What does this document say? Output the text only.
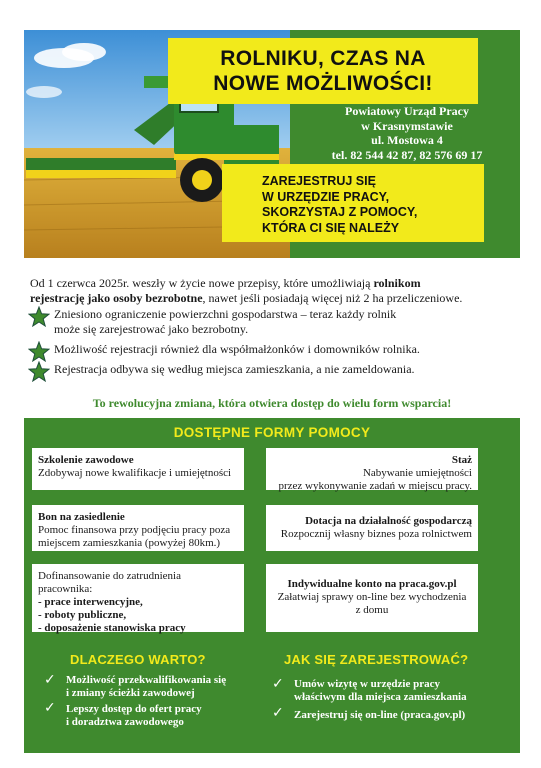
ROLNIKU, CZAS NA
NOWE MOŻLIWOŚCI!
Powiatowy Urząd Pracy
w Krasnymstawie
ul. Mostowa 4
tel. 82 544 42 87, 82 576 69 17
ZAREJESTRUJ SIĘ
W URZĘDZIE PRACY,
SKORZYSTAJ Z POMOCY,
KTÓRA CI SIĘ NALEŻY
Od 1 czerwca 2025r. weszły w życie nowe przepisy, które umożliwiają rolnikom
rejestrację jako osoby bezrobotne, nawet jeśli posiadają więcej niż 2 ha przeliczeniowe.
Zniesiono ograniczenie powierzchni gospodarstwa – teraz każdy rolnik
może się zarejestrować jako bezrobotny.
Możliwość rejestracji również dla współmałżonków i domowników rolnika.
Rejestracja odbywa się według miejsca zamieszkania, a nie zameldowania.
To rewolucyjna zmiana, która otwiera dostęp do wielu form wsparcia!
DOSTĘPNE FORMY POMOCY
Szkolenie zawodowe
Zdobywaj nowe kwalifikacje i umiejętności
Staż
Nabywanie umiejętności
przez wykonywanie zadań w miejscu pracy.
Bon na zasiedlenie
Pomoc finansowa przy podjęciu pracy poza
miejscem zamieszkania (powyżej 80km.)
Dotacja na działalność gospodarczą
Rozpocznij własny biznes poza rolnictwem
Dofinansowanie do zatrudnienia
pracownika:
- prace interwencyjne,
- roboty publiczne,
- doposażenie stanowiska pracy
Indywidualne konto na praca.gov.pl
Załatwiaj sprawy on-line bez wychodzenia
z domu
DLACZEGO WARTO?	JAK SIĘ ZAREJESTROWAĆ?
✓ Możliwość przekwalifikowania się
i zmiany ścieżki zawodowej
✓ Lepszy dostęp do ofert pracy
i doradztwa zawodowego
✓ Umów wizytę w urzędzie pracy
właściwym dla miejsca zamieszkania
✓ Zarejestruj się on-line (praca.gov.pl)
